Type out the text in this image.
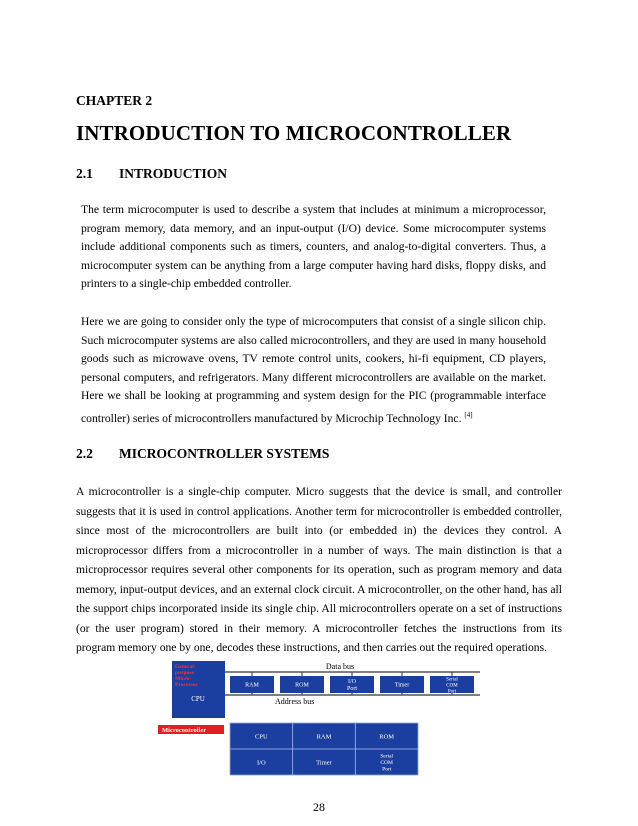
CHAPTER 2
INTRODUCTION TO MICROCONTROLLER
2.1 INTRODUCTION
The term microcomputer is used to describe a system that includes at minimum a microprocessor, program memory, data memory, and an input-output (I/O) device. Some microcomputer systems include additional components such as timers, counters, and analog-to-digital converters. Thus, a microcomputer system can be anything from a large computer having hard disks, floppy disks, and printers to a single-chip embedded controller.
Here we are going to consider only the type of microcomputers that consist of a single silicon chip. Such microcomputer systems are also called microcontrollers, and they are used in many household goods such as microwave ovens, TV remote control units, cookers, hi-fi equipment, CD players, personal computers, and refrigerators. Many different microcontrollers are available on the market. Here we shall be looking at programming and system design for the PIC (programmable interface controller) series of microcontrollers manufactured by Microchip Technology Inc. [4]
2.2 MICROCONTROLLER SYSTEMS
A microcontroller is a single-chip computer. Micro suggests that the device is small, and controller suggests that it is used in control applications. Another term for microcontroller is embedded controller, since most of the microcontrollers are built into (or embedded in) the devices they control. A microprocessor differs from a microcontroller in a number of ways. The main distinction is that a microprocessor requires several other components for its operation, such as program memory and data memory, input-output devices, and an external clock circuit. A microcontroller, on the other hand, has all the support chips incorporated inside its single chip. All microcontrollers operate on a set of instructions (or the user program) stored in their memory. A microcontroller fetches the instructions from its program memory one by one, decodes these instructions, and then carries out the required operations.
General-
purpose
Micro-
Processor
CPU
Data bus
Address bus
RAM	ROM
I/O
Port
Timer
Serial
COM
Port
Microcontroller
CPU	RAM	ROM
I/O	Timer
Serial
COM
Port
28
